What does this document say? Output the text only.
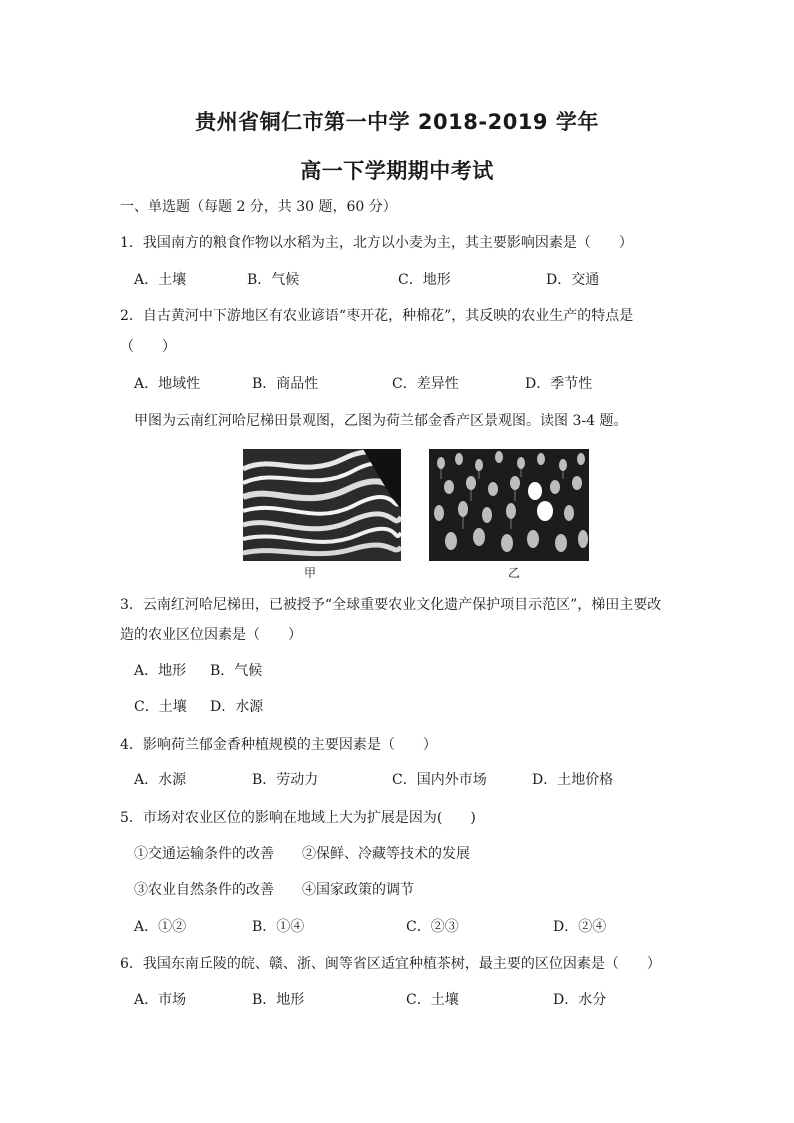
贵州省铜仁市第一中学 2018-2019 学年
高一下学期期中考试
一、单选题（每题 2 分，共 30 题，60 分）
1．我国南方的粮食作物以水稻为主，北方以小麦为主，其主要影响因素是（　　）
A．土壤	B．气候	C．地形	D．交通
2．自古黄河中下游地区有农业谚语“枣开花，种棉花”，其反映的农业生产的特点是
（　　）
A．地域性	B．商品性	C．差异性	D．季节性
甲图为云南红河哈尼梯田景观图，乙图为荷兰郁金香产区景观图。读图 3-4 题。
甲	乙
3．云南红河哈尼梯田，已被授予“全球重要农业文化遗产保护项目示范区”，梯田主要改
造的农业区位因素是（　　）
A．地形 B．气候
C．土壤 D．水源
4．影响荷兰郁金香种植规模的主要因素是（　　）
A．水源	B．劳动力	C．国内外市场	D．土地价格
5．市场对农业区位的影响在地域上大为扩展是因为(　　)
①交通运输条件的改善 ②保鲜、冷藏等技术的发展
③农业自然条件的改善 ④国家政策的调节
A．①②	B．①④	C．②③	D．②④
6．我国东南丘陵的皖、赣、浙、闽等省区适宜种植茶树，最主要的区位因素是（　　）
A．市场	B．地形	C．土壤	D．水分
